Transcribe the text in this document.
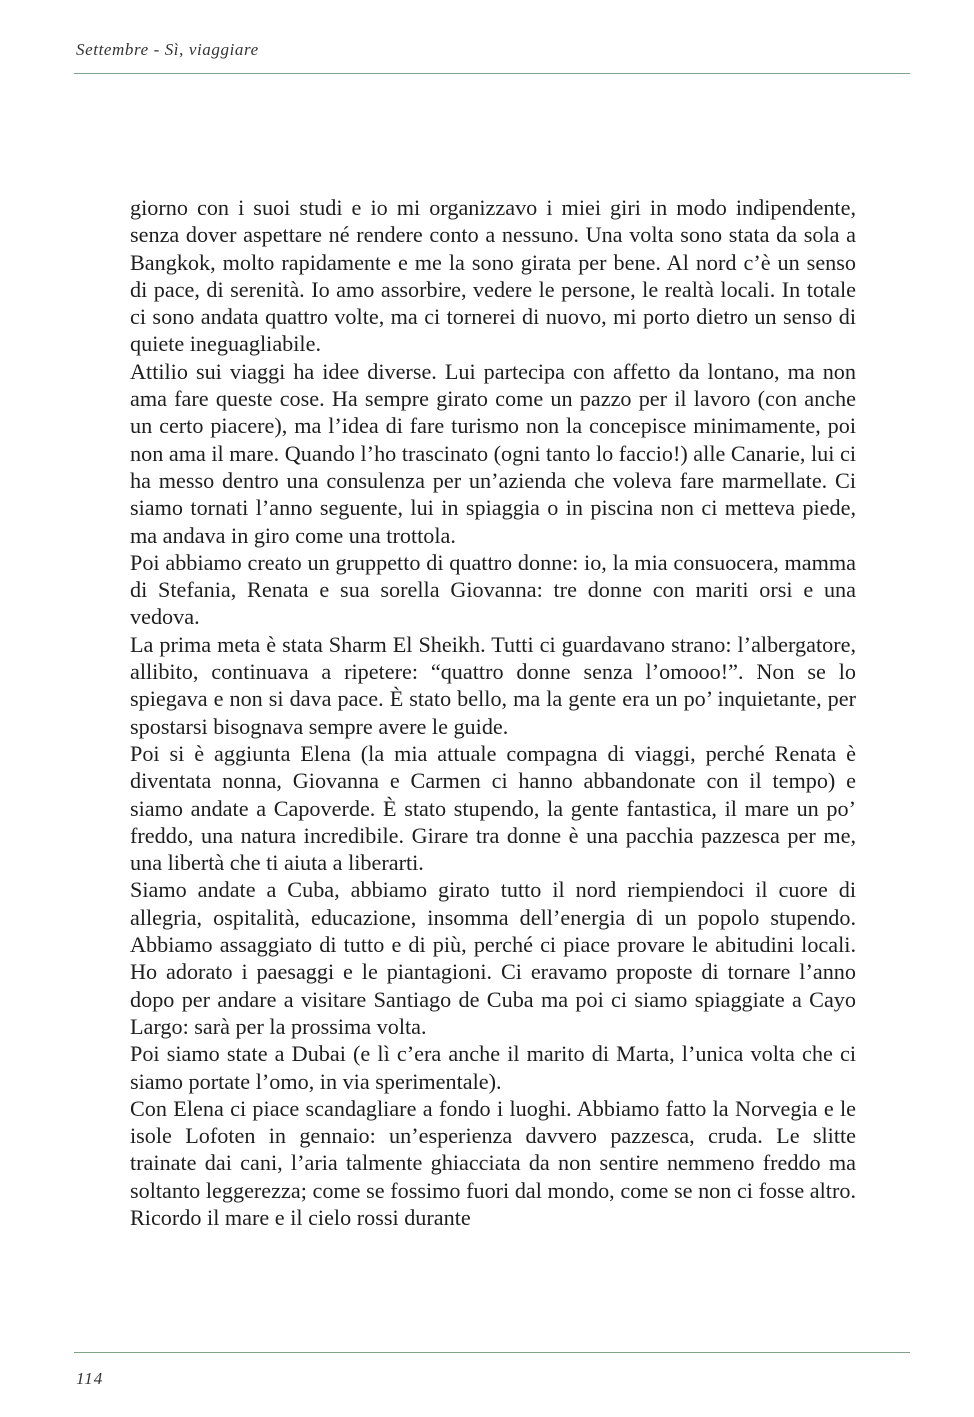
Settembre - Sì, viaggiare

giorno con i suoi studi e io mi organizzavo i miei giri in modo indipendente, senza dover aspettare né rendere conto a nessuno. Una volta sono stata da sola a Bangkok, molto rapidamente e me la sono girata per bene. Al nord c’è un senso di pace, di serenità. Io amo assorbire, vedere le persone, le realtà locali. In totale ci sono andata quattro volte, ma ci tornerei di nuovo, mi porto dietro un senso di quiete ineguagliabile.

Attilio sui viaggi ha idee diverse. Lui partecipa con affetto da lontano, ma non ama fare queste cose. Ha sempre girato come un pazzo per il lavoro (con anche un certo piacere), ma l’idea di fare turismo non la concepisce minimamente, poi non ama il mare. Quando l’ho trascinato (ogni tanto lo faccio!) alle Canarie, lui ci ha messo dentro una consulenza per un’azienda che voleva fare marmellate. Ci siamo tornati l’anno seguente, lui in spiaggia o in piscina non ci metteva piede, ma andava in giro come una trottola.

Poi abbiamo creato un gruppetto di quattro donne: io, la mia consuocera, mamma di Stefania, Renata e sua sorella Giovanna: tre donne con mariti orsi e una vedova.

La prima meta è stata Sharm El Sheikh. Tutti ci guardavano strano: l’albergatore, allibito, continuava a ripetere: “quattro donne senza l’omooo!”. Non se lo spiegava e non si dava pace. È stato bello, ma la gente era un po’ inquietante, per spostarsi bisognava sempre avere le guide.

Poi si è aggiunta Elena (la mia attuale compagna di viaggi, perché Renata è diventata nonna, Giovanna e Carmen ci hanno abbandonate con il tempo) e siamo andate a Capoverde. È stato stupendo, la gente fantastica, il mare un po’ freddo, una natura incredibile. Girare tra donne è una pacchia pazzesca per me, una libertà che ti aiuta a liberarti.

Siamo andate a Cuba, abbiamo girato tutto il nord riempiendoci il cuore di allegria, ospitalità, educazione, insomma dell’energia di un popolo stupendo. Abbiamo assaggiato di tutto e di più, perché ci piace provare le abitudini locali. Ho adorato i paesaggi e le piantagioni. Ci eravamo proposte di tornare l’anno dopo per andare a visitare Santiago de Cuba ma poi ci siamo spiaggiate a Cayo Largo: sarà per la prossima volta.

Poi siamo state a Dubai (e lì c’era anche il marito di Marta, l’unica volta che ci siamo portate l’omo, in via sperimentale).

Con Elena ci piace scandagliare a fondo i luoghi. Abbiamo fatto la Norvegia e le isole Lofoten in gennaio: un’esperienza davvero pazzesca, cruda. Le slitte trainate dai cani, l’aria talmente ghiacciata da non sentire nemmeno freddo ma soltanto leggerezza; come se fossimo fuori dal mondo, come se non ci fosse altro. Ricordo il mare e il cielo rossi durante

114
